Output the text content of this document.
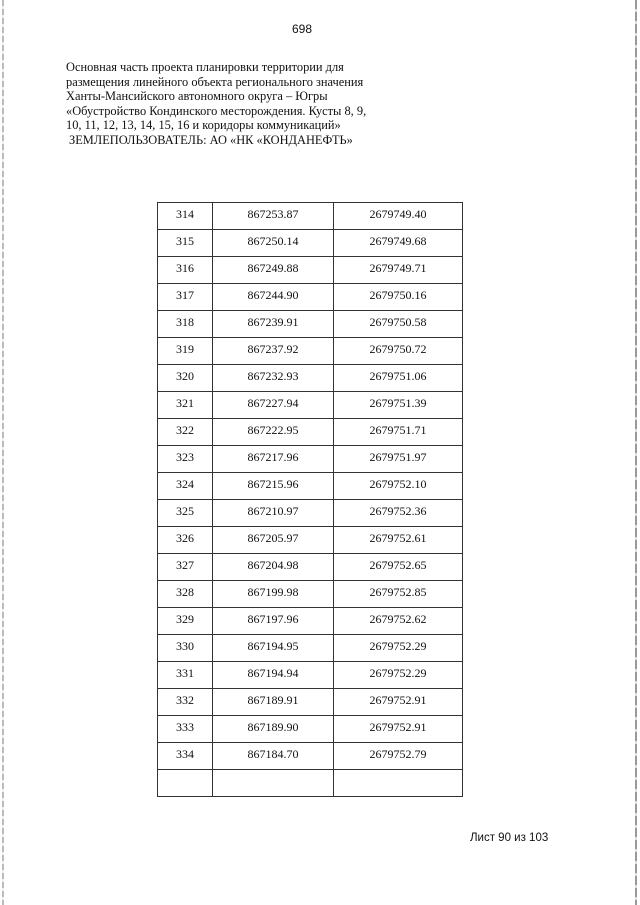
698
Основная часть проекта планировки территории для
размещения линейного объекта регионального значения
Ханты-Мансийского автономного округа – Югры
«Обустройство Кондинского месторождения. Кусты 8, 9,
10, 11, 12, 13, 14, 15, 16 и коридоры коммуникаций»
ЗЕМЛЕПОЛЬЗОВАТЕЛЬ: АО «НК «КОНДАНЕФТЬ»
314	867253.87	2679749.40

315	867250.14	2679749.68

316	867249.88	2679749.71

317	867244.90	2679750.16

318	867239.91	2679750.58

319	867237.92	2679750.72

320	867232.93	2679751.06

321	867227.94	2679751.39

322	867222.95	2679751.71

323	867217.96	2679751.97

324	867215.96	2679752.10

325	867210.97	2679752.36

326	867205.97	2679752.61

327	867204.98	2679752.65

328	867199.98	2679752.85

329	867197.96	2679752.62

330	867194.95	2679752.29

331	867194.94	2679752.29

332	867189.91	2679752.91

333	867189.90	2679752.91

334	867184.70	2679752.79

Лист 90 из 103
